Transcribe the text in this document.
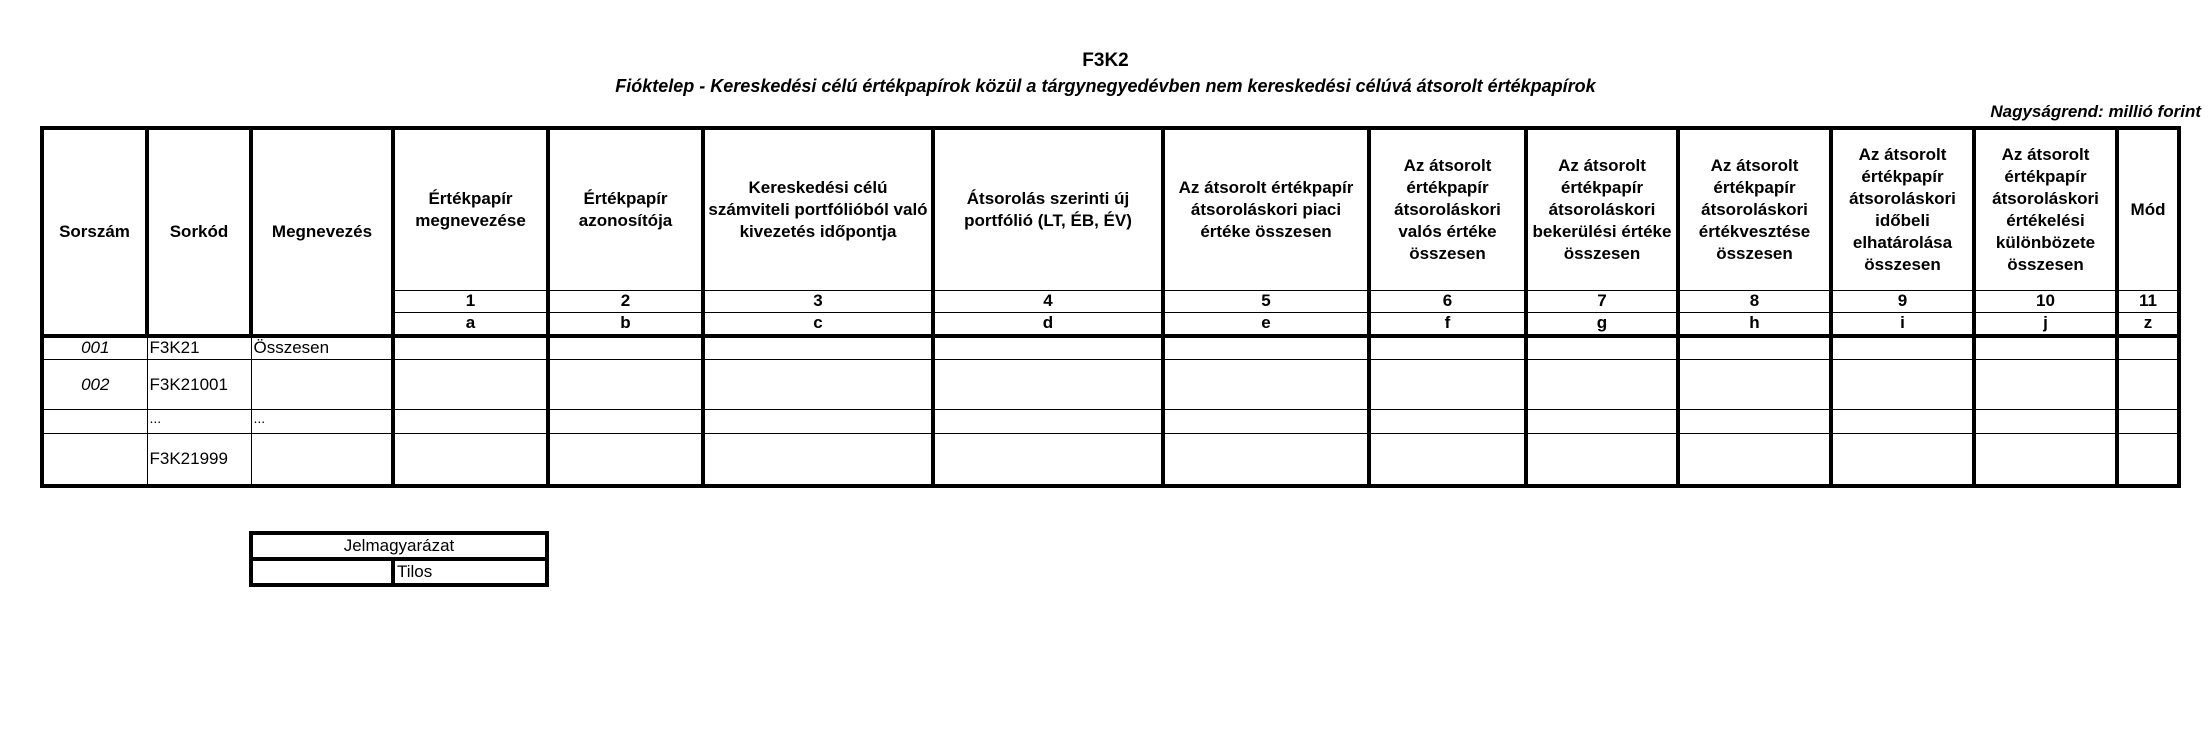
F3K2
Fióktelep - Kereskedési célú értékpapírok közül a tárgynegyedévben nem kereskedési célúvá átsorolt értékpapírok
Nagyságrend: millió forint
Sorszám	Sorkód	Megnevezés	Értékpapír megnevezése	Értékpapír azonosítója	Kereskedési célú számviteli portfólióból való kivezetés időpontja	Átsorolás szerinti új portfólió (LT, ÉB, ÉV)	Az átsorolt értékpapír átsoroláskori piaci értéke összesen	Az átsorolt értékpapír átsoroláskori valós értéke összesen	Az átsorolt értékpapír átsoroláskori bekerülési értéke összesen	Az átsorolt értékpapír átsoroláskori értékvesztése összesen	Az átsorolt értékpapír átsoroláskori időbeli elhatárolása összesen	Az átsorolt értékpapír átsoroláskori értékelési különbözete összesen	Mód
			1	2	3	4	5	6	7	8	9	10	11
			a	b	c	d	e	f	g	h	i	j	z
001	F3K21	Összesen											
002	F3K21001												
	...	...											
	F3K21999												
Jelmagyarázat
	Tilos
